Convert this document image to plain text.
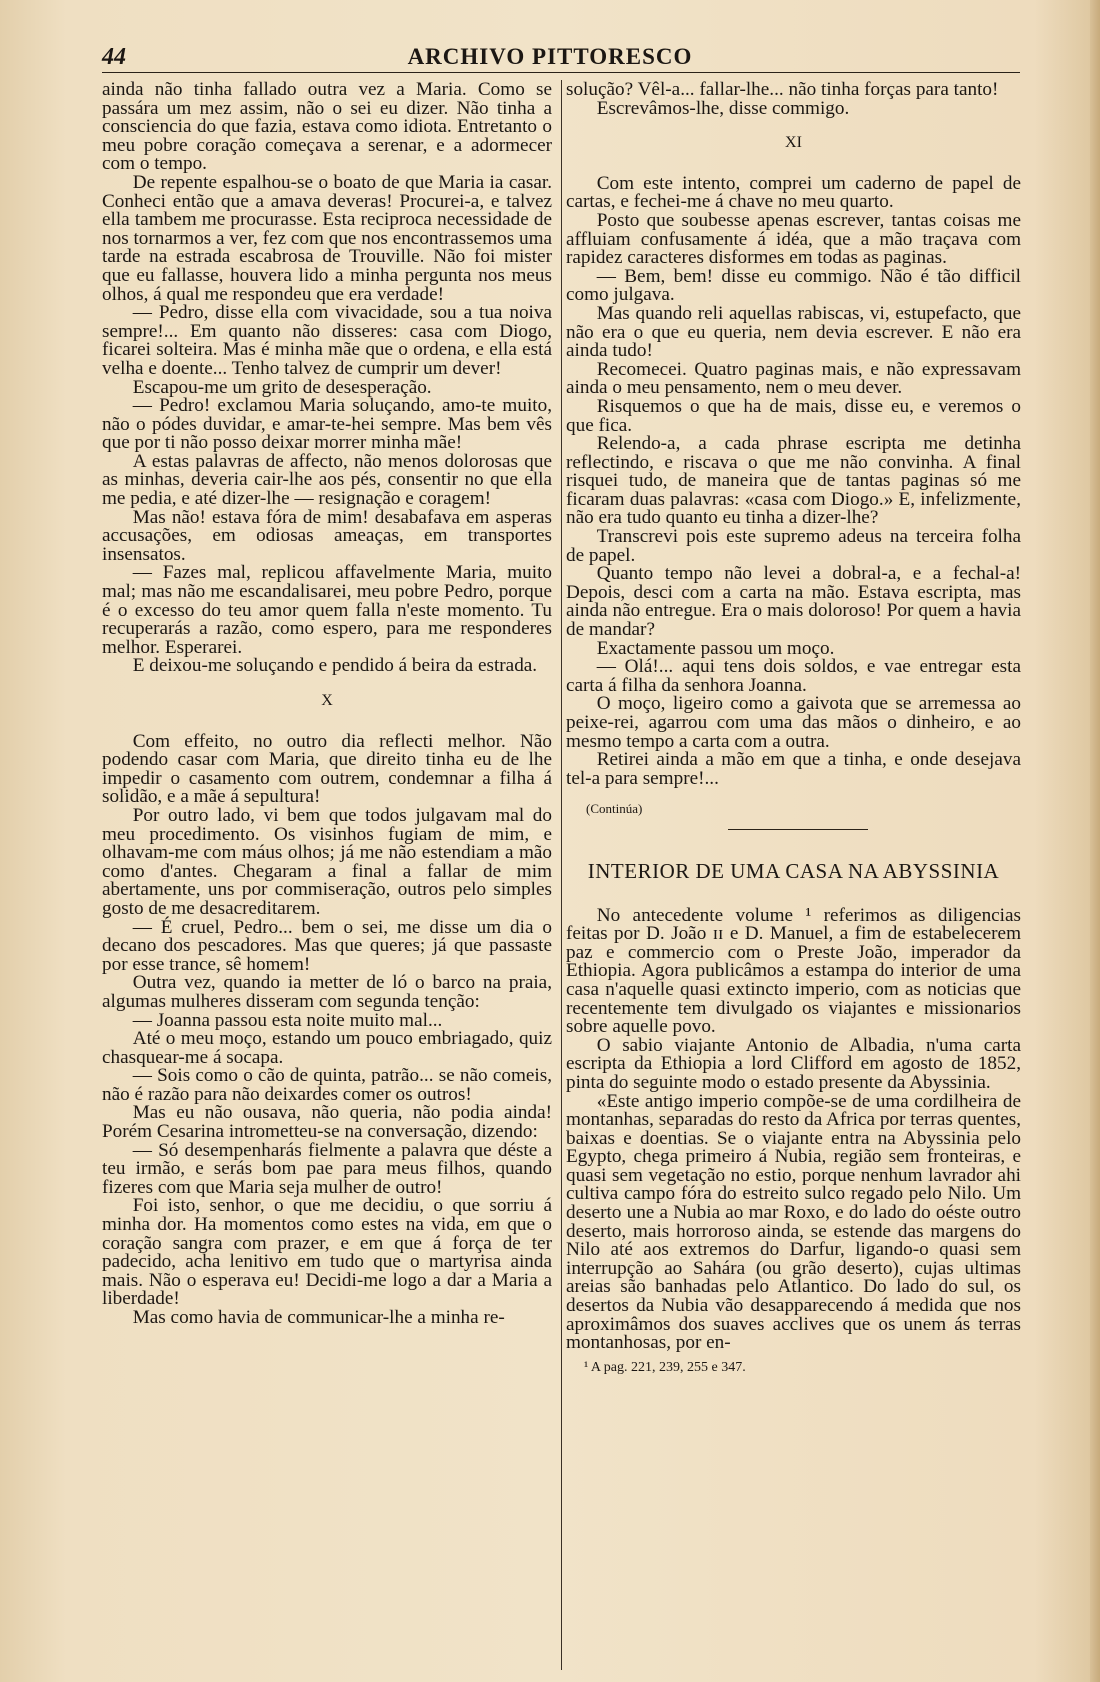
44	ARCHIVO PITTORESCO

ainda não tinha fallado outra vez a Maria. Como se passára um mez assim, não o sei eu dizer. Não tinha a consciencia do que fazia, estava como idiota. Entretanto o meu pobre coração começava a serenar, e a adormecer com o tempo.

De repente espalhou-se o boato de que Maria ia casar. Conheci então que a amava deveras! Procurei-a, e talvez ella tambem me procurasse. Esta reciproca necessidade de nos tornarmos a ver, fez com que nos encontrassemos uma tarde na estrada escabrosa de Trouville. Não foi mister que eu fallasse, houvera lido a minha pergunta nos meus olhos, á qual me respondeu que era verdade!

— Pedro, disse ella com vivacidade, sou a tua noiva sempre!... Em quanto não disseres: casa com Diogo, ficarei solteira. Mas é minha mãe que o ordena, e ella está velha e doente... Tenho talvez de cumprir um dever!

Escapou-me um grito de desesperação.

— Pedro! exclamou Maria soluçando, amo-te muito, não o pódes duvidar, e amar-te-hei sempre. Mas bem vês que por ti não posso deixar morrer minha mãe!

A estas palavras de affecto, não menos dolorosas que as minhas, deveria cair-lhe aos pés, consentir no que ella me pedia, e até dizer-lhe — resignação e coragem!

Mas não! estava fóra de mim! desabafava em asperas accusações, em odiosas ameaças, em transportes insensatos.

— Fazes mal, replicou affavelmente Maria, muito mal; mas não me escandalisarei, meu pobre Pedro, porque é o excesso do teu amor quem falla n'este momento. Tu recuperarás a razão, como espero, para me responderes melhor. Esperarei.

E deixou-me soluçando e pendido á beira da estrada.

X

Com effeito, no outro dia reflecti melhor. Não podendo casar com Maria, que direito tinha eu de lhe impedir o casamento com outrem, condemnar a filha á solidão, e a mãe á sepultura!

Por outro lado, vi bem que todos julgavam mal do meu procedimento. Os visinhos fugiam de mim, e olhavam-me com máus olhos; já me não estendiam a mão como d'antes. Chegaram a final a fallar de mim abertamente, uns por commiseração, outros pelo simples gosto de me desacreditarem.

— É cruel, Pedro... bem o sei, me disse um dia o decano dos pescadores. Mas que queres; já que passaste por esse trance, sê homem!

Outra vez, quando ia metter de ló o barco na praia, algumas mulheres disseram com segunda tenção:

— Joanna passou esta noite muito mal...

Até o meu moço, estando um pouco embriagado, quiz chasquear-me á socapa.

— Sois como o cão de quinta, patrão... se não comeis, não é razão para não deixardes comer os outros!

Mas eu não ousava, não queria, não podia ainda! Porém Cesarina intrometteu-se na conversação, dizendo:

— Só desempenharás fielmente a palavra que déste a teu irmão, e serás bom pae para meus filhos, quando fizeres com que Maria seja mulher de outro!

Foi isto, senhor, o que me decidiu, o que sorriu á minha dor. Ha momentos como estes na vida, em que o coração sangra com prazer, e em que á força de ter padecido, acha lenitivo em tudo que o martyrisa ainda mais. Não o esperava eu! Decidi-me logo a dar a Maria a liberdade!

Mas como havia de communicar-lhe a minha re-

solução? Vêl-a... fallar-lhe... não tinha forças para tanto!

Escrevâmos-lhe, disse commigo.

XI

Com este intento, comprei um caderno de papel de cartas, e fechei-me á chave no meu quarto.

Posto que soubesse apenas escrever, tantas coisas me affluiam confusamente á idéa, que a mão traçava com rapidez caracteres disformes em todas as paginas.

— Bem, bem! disse eu commigo. Não é tão difficil como julgava.

Mas quando reli aquellas rabiscas, vi, estupefacto, que não era o que eu queria, nem devia escrever. E não era ainda tudo!

Recomecei. Quatro paginas mais, e não expressavam ainda o meu pensamento, nem o meu dever.

Risquemos o que ha de mais, disse eu, e veremos o que fica.

Relendo-a, a cada phrase escripta me detinha reflectindo, e riscava o que me não convinha. A final risquei tudo, de maneira que de tantas paginas só me ficaram duas palavras: «casa com Diogo.» E, infelizmente, não era tudo quanto eu tinha a dizer-lhe?

Transcrevi pois este supremo adeus na terceira folha de papel.

Quanto tempo não levei a dobral-a, e a fechal-a! Depois, desci com a carta na mão. Estava escripta, mas ainda não entregue. Era o mais doloroso! Por quem a havia de mandar?

Exactamente passou um moço.

— Olá!... aqui tens dois soldos, e vae entregar esta carta á filha da senhora Joanna.

O moço, ligeiro como a gaivota que se arremessa ao peixe-rei, agarrou com uma das mãos o dinheiro, e ao mesmo tempo a carta com a outra.

Retirei ainda a mão em que a tinha, e onde desejava tel-a para sempre!...

(Continúa)

INTERIOR DE UMA CASA NA ABYSSINIA

No antecedente volume ¹ referimos as diligencias feitas por D. João ɪɪ e D. Manuel, a fim de estabelecerem paz e commercio com o Preste João, imperador da Ethiopia. Agora publicâmos a estampa do interior de uma casa n'aquelle quasi extincto imperio, com as noticias que recentemente tem divulgado os viajantes e missionarios sobre aquelle povo.

O sabio viajante Antonio de Albadia, n'uma carta escripta da Ethiopia a lord Clifford em agosto de 1852, pinta do seguinte modo o estado presente da Abyssinia.

«Este antigo imperio compõe-se de uma cordilheira de montanhas, separadas do resto da Africa por terras quentes, baixas e doentias. Se o viajante entra na Abyssinia pelo Egypto, chega primeiro á Nubia, região sem fronteiras, e quasi sem vegetação no estio, porque nenhum lavrador ahi cultiva campo fóra do estreito sulco regado pelo Nilo. Um deserto une a Nubia ao mar Roxo, e do lado do oéste outro deserto, mais horroroso ainda, se estende das margens do Nilo até aos extremos do Darfur, ligando-o quasi sem interrupção ao Sahára (ou grão deserto), cujas ultimas areias são banhadas pelo Atlantico. Do lado do sul, os desertos da Nubia vão desapparecendo á medida que nos aproximâmos dos suaves acclives que os unem ás terras montanhosas, por en-

¹ A pag. 221, 239, 255 e 347.
